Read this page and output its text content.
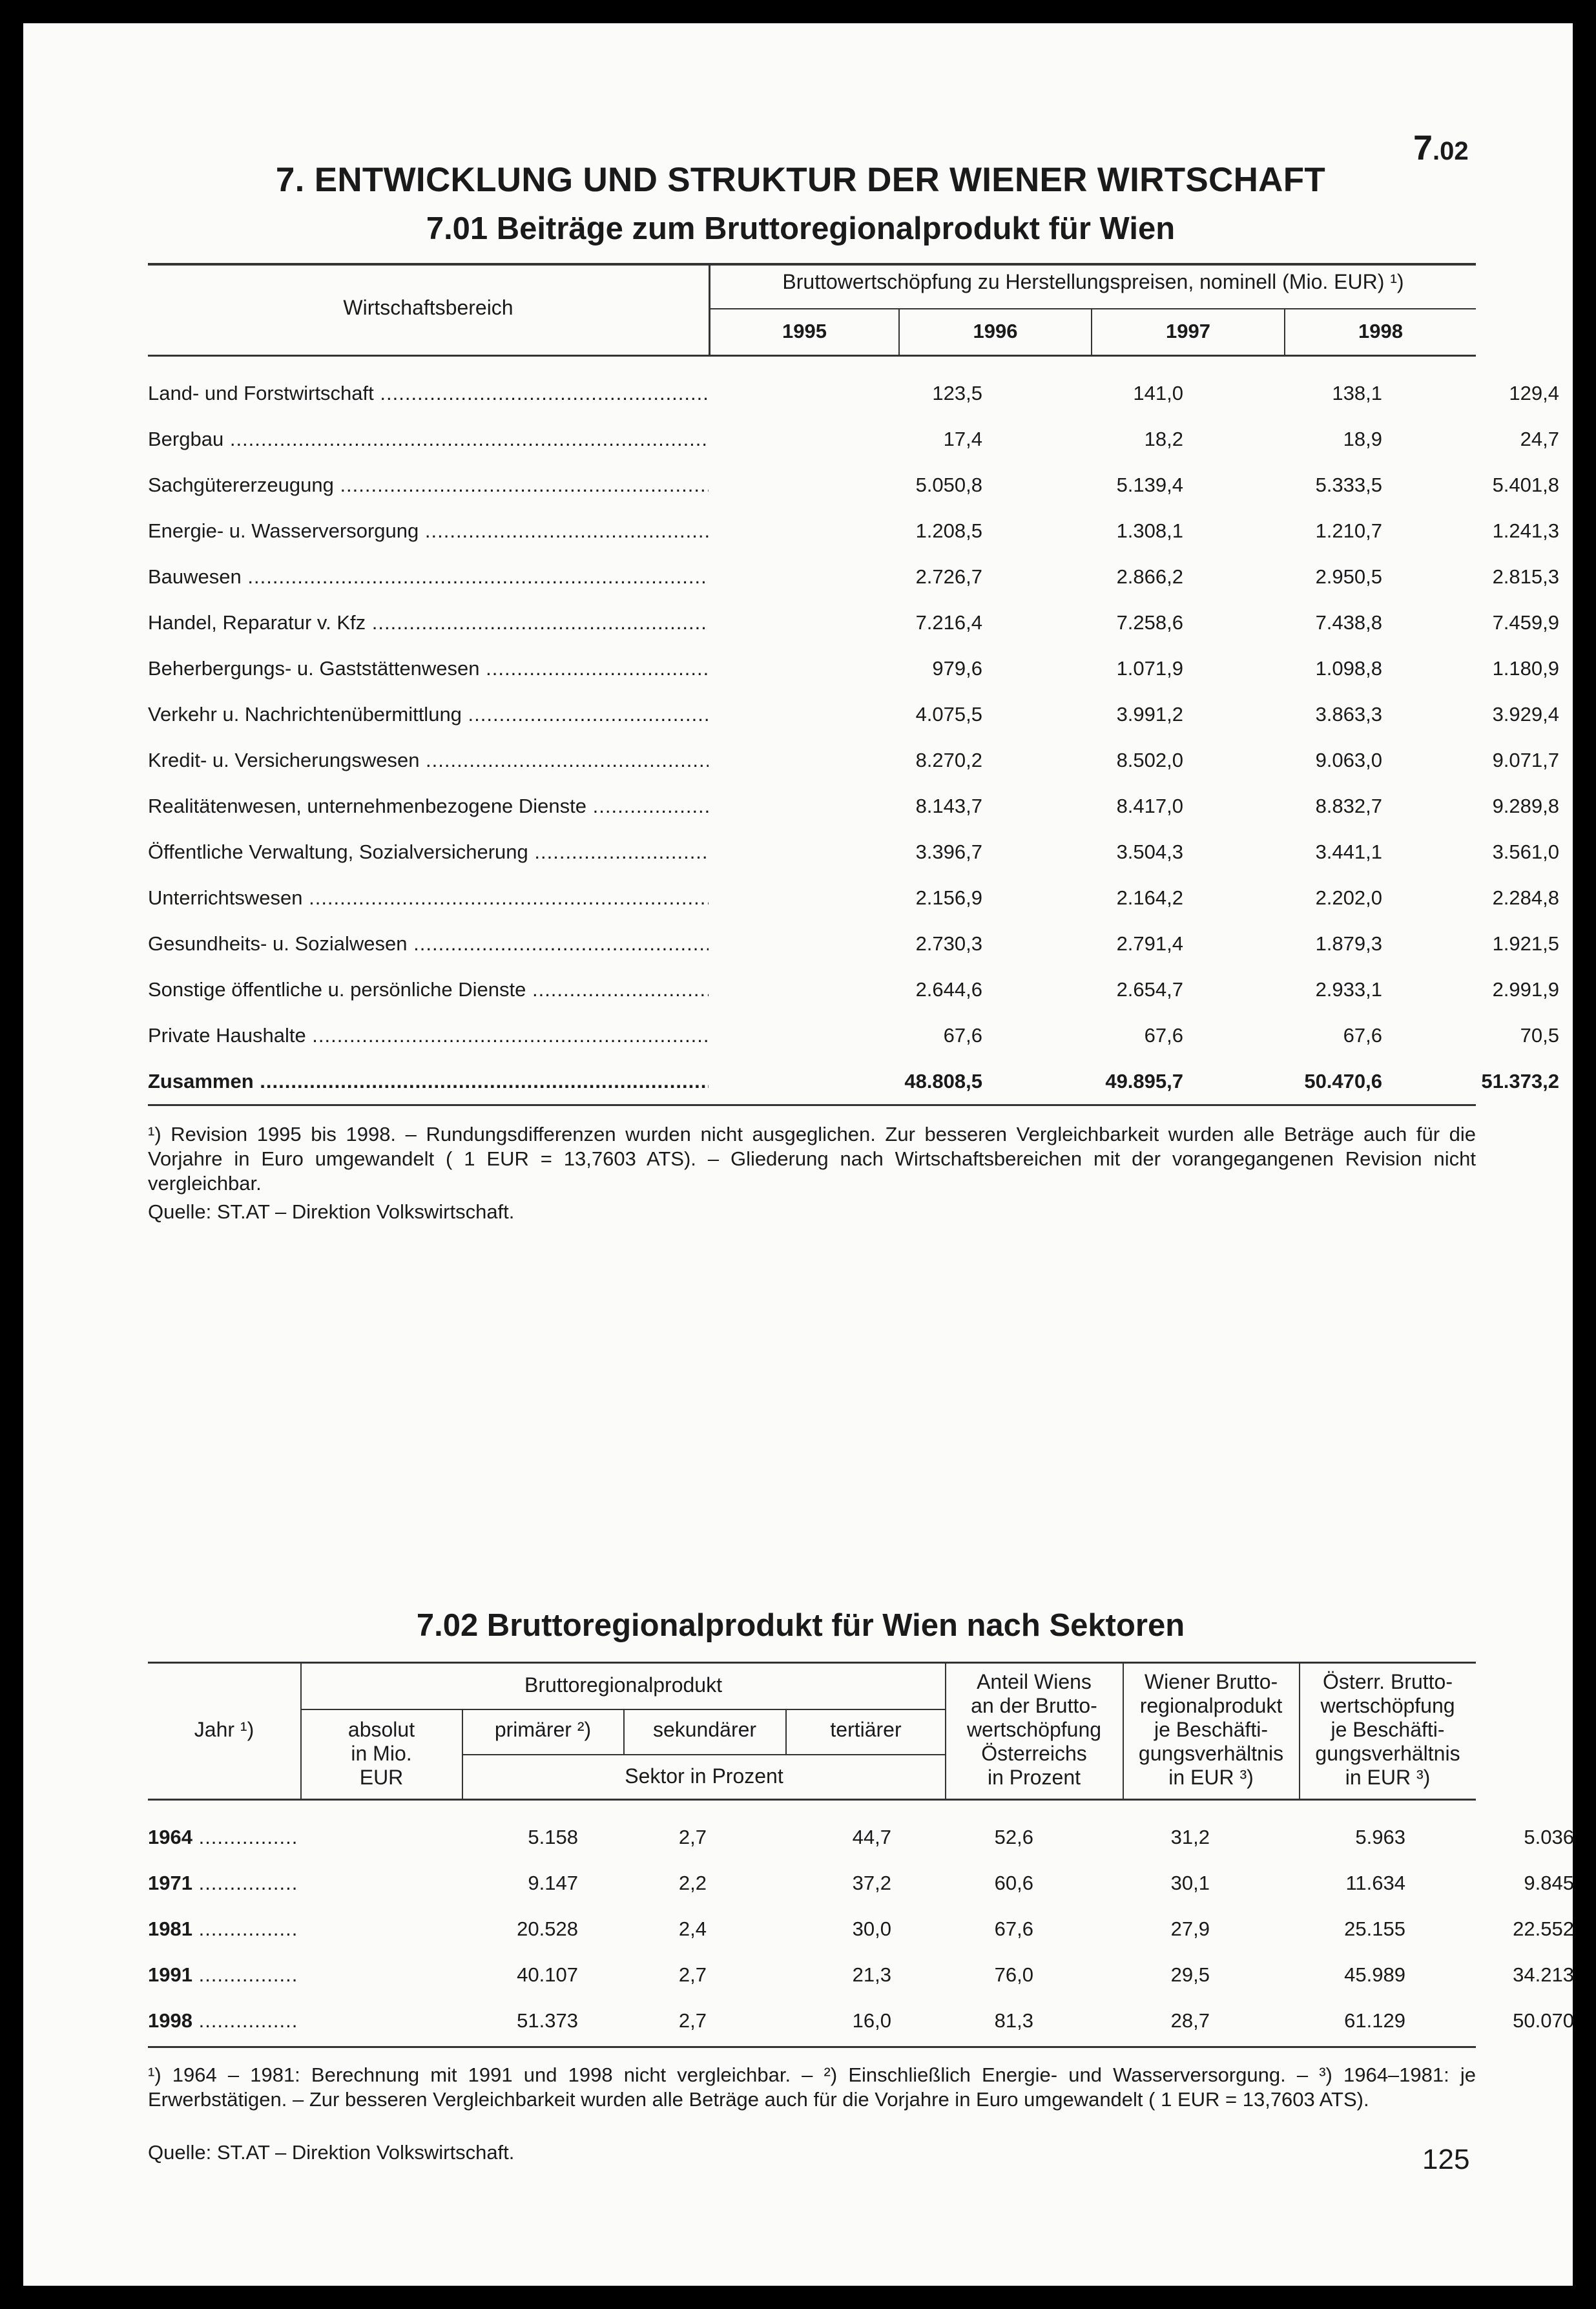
7.02
7. ENTWICKLUNG UND STRUKTUR DER WIENER WIRTSCHAFT
7.01 Beiträge zum Bruttoregionalprodukt für Wien
Wirtschaftsbereich
Bruttowertschöpfung zu Herstellungspreisen, nominell (Mio. EUR) ¹)
1995	1996	1997	1998
Land- und Forstwirtschaft .....	123,5	141,0	138,1	129,4
Bergbau .....	17,4	18,2	18,9	24,7
Sachgütererzeugung .....	5.050,8	5.139,4	5.333,5	5.401,8
Energie- u. Wasserversorgung .....	1.208,5	1.308,1	1.210,7	1.241,3
Bauwesen .....	2.726,7	2.866,2	2.950,5	2.815,3
Handel, Reparatur v. Kfz .....	7.216,4	7.258,6	7.438,8	7.459,9
Beherbergungs- u. Gaststättenwesen .....	979,6	1.071,9	1.098,8	1.180,9
Verkehr u. Nachrichtenübermittlung .....	4.075,5	3.991,2	3.863,3	3.929,4
Kredit- u. Versicherungswesen .....	8.270,2	8.502,0	9.063,0	9.071,7
Realitätenwesen, unternehmenbezogene Dienste .....	8.143,7	8.417,0	8.832,7	9.289,8
Öffentliche Verwaltung, Sozialversicherung .....	3.396,7	3.504,3	3.441,1	3.561,0
Unterrichtswesen .....	2.156,9	2.164,2	2.202,0	2.284,8
Gesundheits- u. Sozialwesen .....	2.730,3	2.791,4	1.879,3	1.921,5
Sonstige öffentliche u. persönliche Dienste .....	2.644,6	2.654,7	2.933,1	2.991,9
Private Haushalte .....	67,6	67,6	67,6	70,5
Zusammen .....	48.808,5	49.895,7	50.470,6	51.373,2
¹) Revision 1995 bis 1998. – Rundungsdifferenzen wurden nicht ausgeglichen. Zur besseren Vergleichbarkeit wurden alle Beträge auch für die Vorjahre in Euro umgewandelt ( 1 EUR = 13,7603 ATS). – Gliederung nach Wirtschaftsbereichen mit der vorangegangenen Revision nicht vergleichbar.
Quelle: ST.AT – Direktion Volkswirtschaft.
7.02 Bruttoregionalprodukt für Wien nach Sektoren
Jahr ¹)
Bruttoregionalprodukt
absolut
in Mio.
EUR
primärer ²)	sekundärer	tertiärer
Sektor in Prozent
Anteil Wiens
an der Brutto-
wertschöpfung
Österreichs
in Prozent
Wiener Brutto-
regionalprodukt
je Beschäfti-
gungsverhältnis
in EUR ³)
Österr. Brutto-
wertschöpfung
je Beschäfti-
gungsverhältnis
in EUR ³)
1964 .....	5.158	2,7	44,7	52,6	31,2	5.963	5.036
1971 .....	9.147	2,2	37,2	60,6	30,1	11.634	9.845
1981 .....	20.528	2,4	30,0	67,6	27,9	25.155	22.552
1991 .....	40.107	2,7	21,3	76,0	29,5	45.989	34.213
1998 .....	51.373	2,7	16,0	81,3	28,7	61.129	50.070
¹) 1964 – 1981: Berechnung mit 1991 und 1998 nicht vergleichbar. – ²) Einschließlich Energie- und Wasserversorgung. – ³) 1964–1981: je Erwerbstätigen. – Zur besseren Vergleichbarkeit wurden alle Beträge auch für die Vorjahre in Euro umgewandelt ( 1 EUR = 13,7603 ATS).
Quelle: ST.AT – Direktion Volkswirtschaft.	125
